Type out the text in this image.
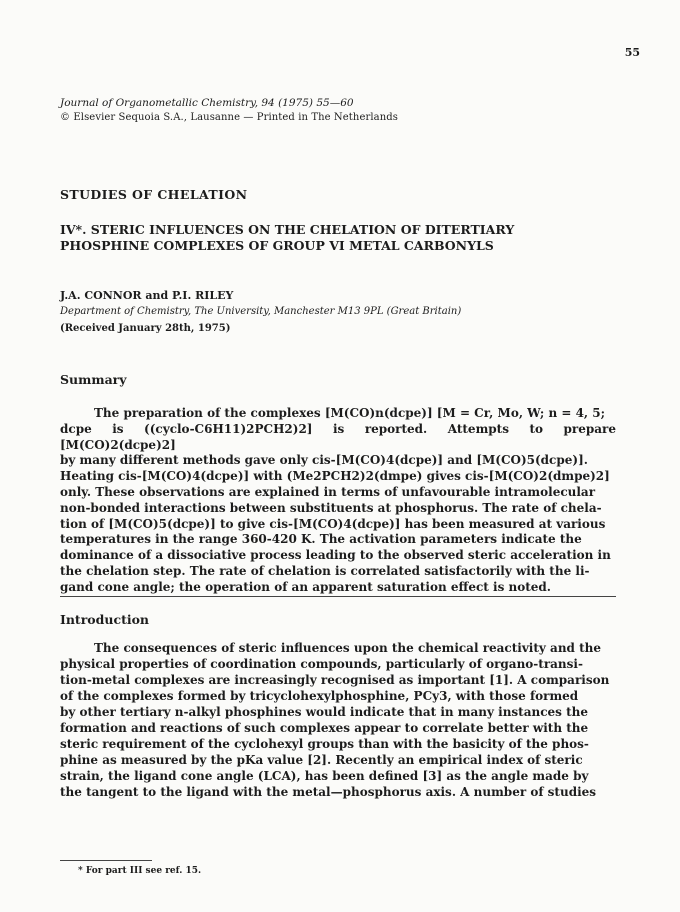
55
Journal of Organometallic Chemistry, 94 (1975) 55—60
© Elsevier Sequoia S.A., Lausanne — Printed in The Netherlands
STUDIES OF CHELATION
IV*. STERIC INFLUENCES ON THE CHELATION OF DITERTIARY
PHOSPHINE COMPLEXES OF GROUP VI METAL CARBONYLS
J.A. CONNOR and P.I. RILEY
Department of Chemistry, The University, Manchester M13 9PL (Great Britain)
(Received January 28th, 1975)
Summary
The preparation of the complexes [M(CO)n(dcpe)] [M = Cr, Mo, W; n = 4, 5;
dcpe is ((cyclo-C6H11)2PCH2)2] is reported. Attempts to prepare [M(CO)2(dcpe)2]
by many different methods gave only cis-[M(CO)4(dcpe)] and [M(CO)5(dcpe)].
Heating cis-[M(CO)4(dcpe)] with (Me2PCH2)2(dmpe) gives cis-[M(CO)2(dmpe)2]
only. These observations are explained in terms of unfavourable intramolecular
non-bonded interactions between substituents at phosphorus. The rate of chela-
tion of [M(CO)5(dcpe)] to give cis-[M(CO)4(dcpe)] has been measured at various
temperatures in the range 360-420 K. The activation parameters indicate the
dominance of a dissociative process leading to the observed steric acceleration in
the chelation step. The rate of chelation is correlated satisfactorily with the li-
gand cone angle; the operation of an apparent saturation effect is noted.
Introduction
The consequences of steric influences upon the chemical reactivity and the
physical properties of coordination compounds, particularly of organo-transi-
tion-metal complexes are increasingly recognised as important [1]. A comparison
of the complexes formed by tricyclohexylphosphine, PCy3, with those formed
by other tertiary n-alkyl phosphines would indicate that in many instances the
formation and reactions of such complexes appear to correlate better with the
steric requirement of the cyclohexyl groups than with the basicity of the phos-
phine as measured by the pKa value [2]. Recently an empirical index of steric
strain, the ligand cone angle (LCA), has been defined [3] as the angle made by
the tangent to the ligand with the metal—phosphorus axis. A number of studies
* For part III see ref. 15.
